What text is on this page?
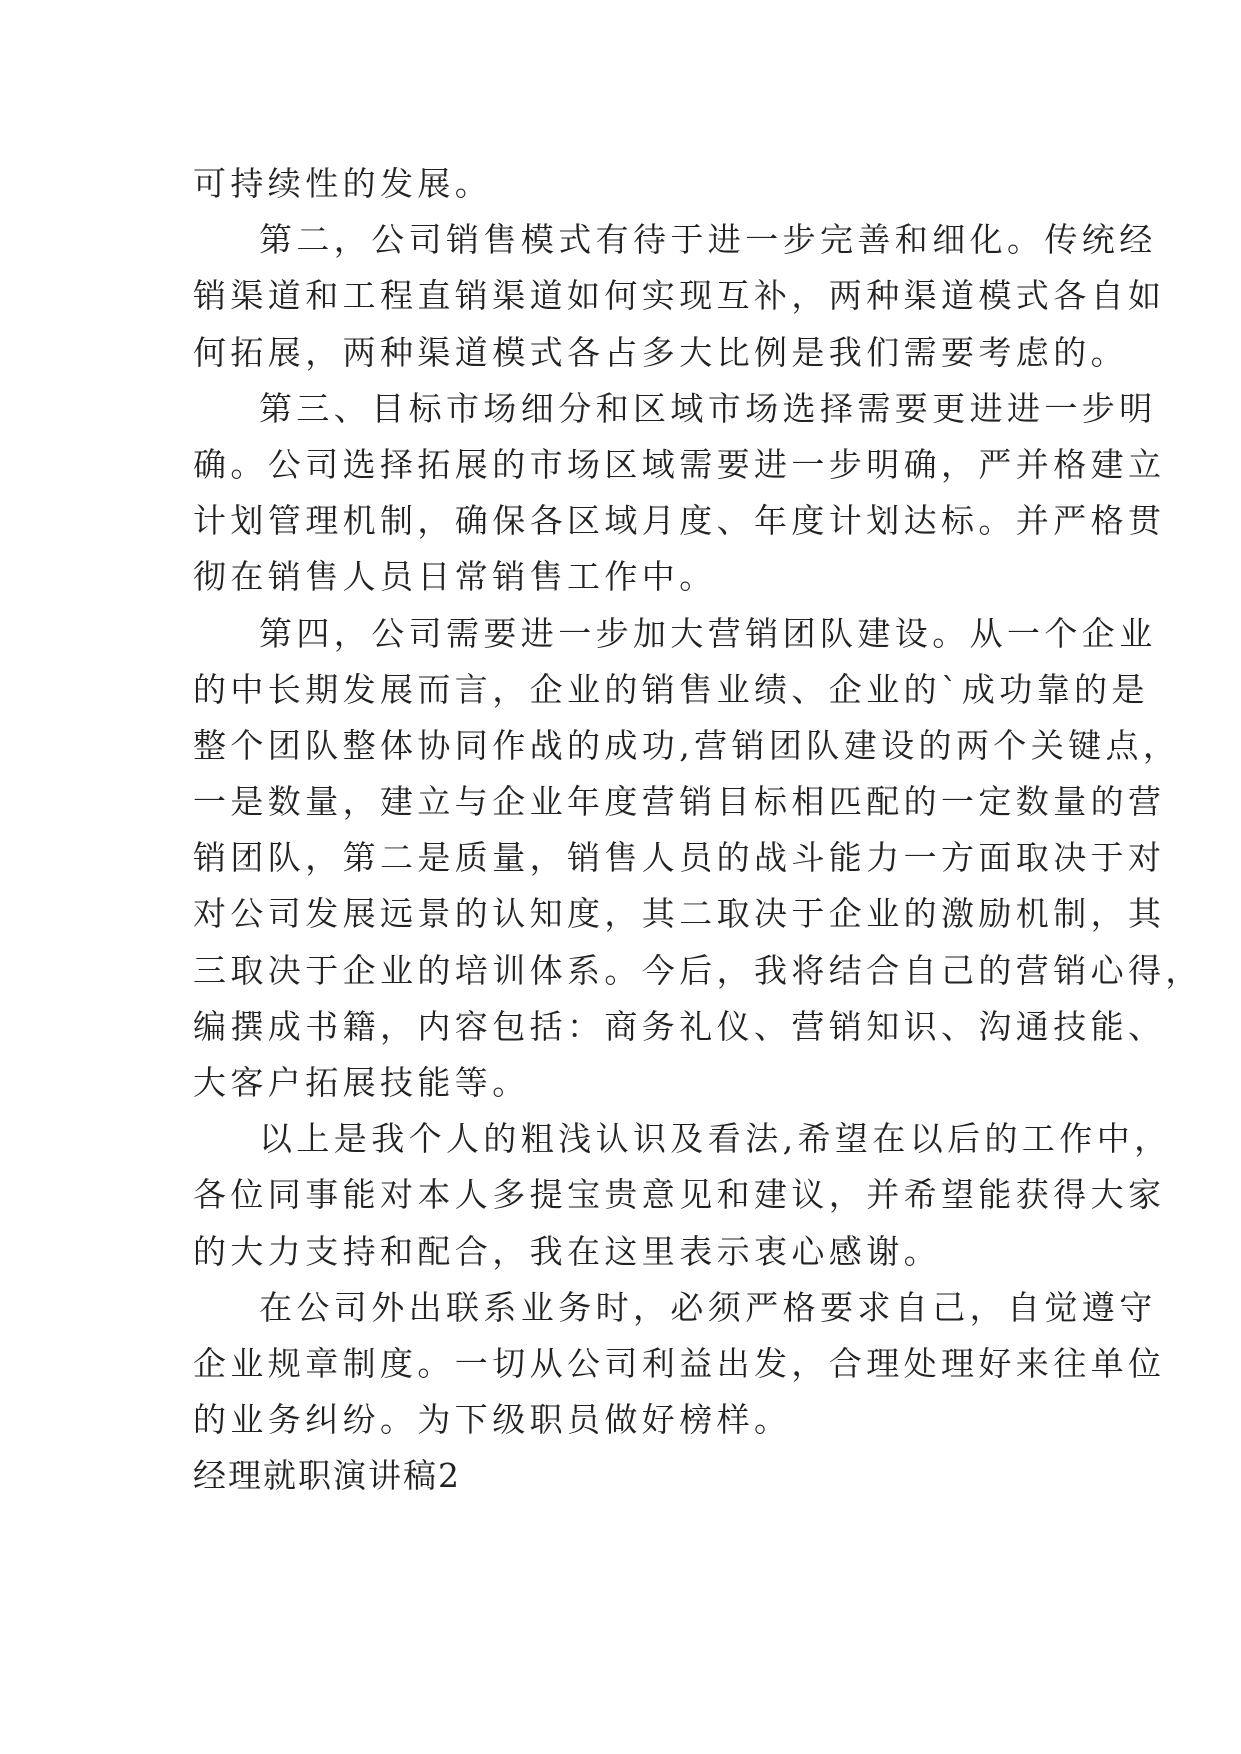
可持续性的发展。
第二，公司销售模式有待于进一步完善和细化。传统经
销渠道和工程直销渠道如何实现互补，两种渠道模式各自如
何拓展，两种渠道模式各占多大比例是我们需要考虑的。
第三、目标市场细分和区域市场选择需要更进进一步明
确。公司选择拓展的市场区域需要进一步明确，严并格建立
计划管理机制，确保各区域月度、年度计划达标。并严格贯
彻在销售人员日常销售工作中。
第四，公司需要进一步加大营销团队建设。从一个企业
的中长期发展而言，企业的销售业绩、企业的`成功靠的是
整个团队整体协同作战的成功,营销团队建设的两个关键点，
一是数量，建立与企业年度营销目标相匹配的一定数量的营
销团队，第二是质量，销售人员的战斗能力一方面取决于对
对公司发展远景的认知度，其二取决于企业的激励机制，其
三取决于企业的培训体系。今后，我将结合自己的营销心得，
编撰成书籍，内容包括：商务礼仪、营销知识、沟通技能、
大客户拓展技能等。
以上是我个人的粗浅认识及看法,希望在以后的工作中，
各位同事能对本人多提宝贵意见和建议，并希望能获得大家
的大力支持和配合，我在这里表示衷心感谢。
在公司外出联系业务时，必须严格要求自己，自觉遵守
企业规章制度。一切从公司利益出发，合理处理好来往单位
的业务纠纷。为下级职员做好榜样。
经理就职演讲稿2
